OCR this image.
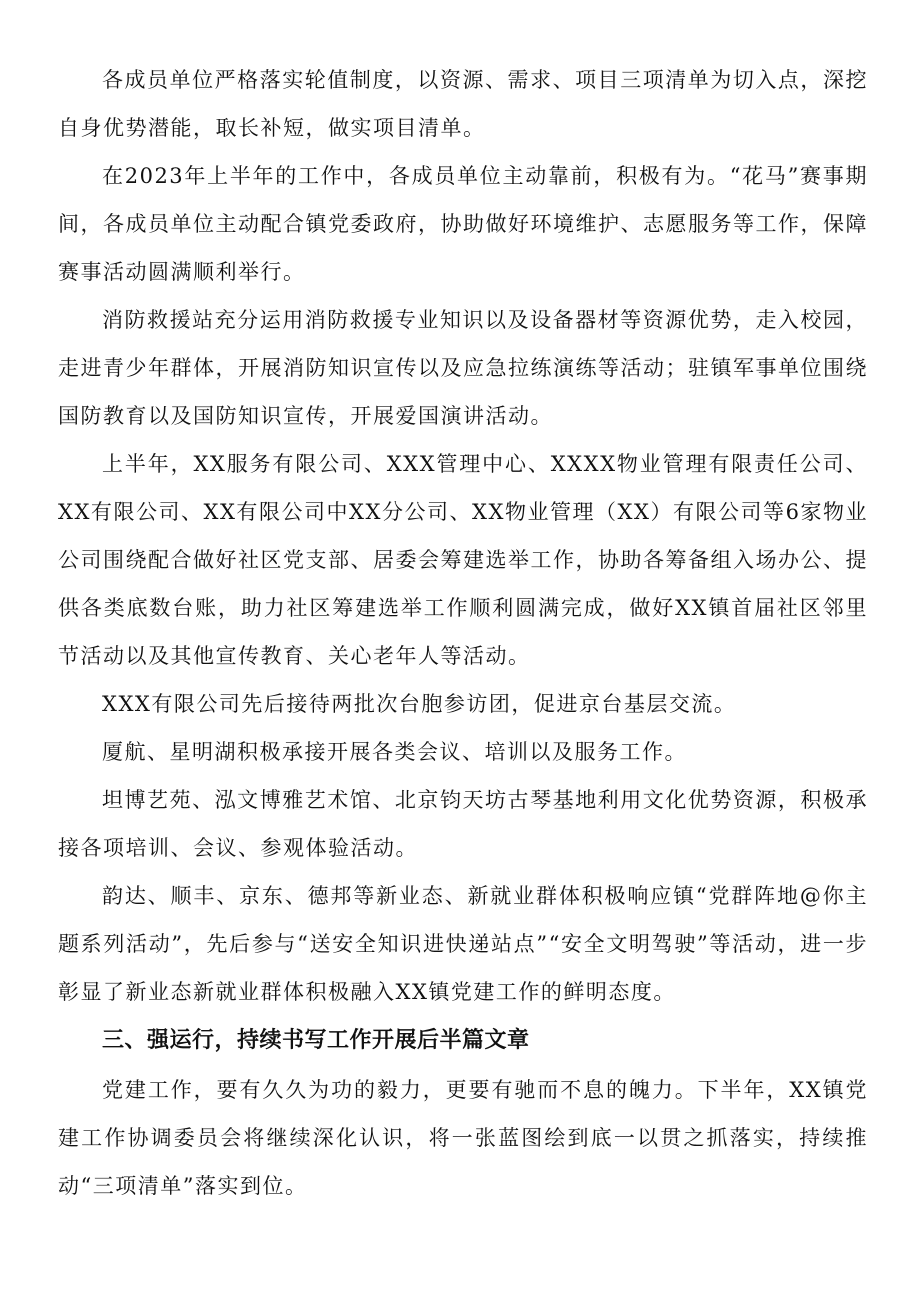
各成员单位严格落实轮值制度，以资源、需求、项目三项清单为切入点，深挖自身优势潜能，取长补短，做实项目清单。

在2023年上半年的工作中，各成员单位主动靠前，积极有为。“花马”赛事期间，各成员单位主动配合镇党委政府，协助做好环境维护、志愿服务等工作，保障赛事活动圆满顺利举行。

消防救援站充分运用消防救援专业知识以及设备器材等资源优势，走入校园，走进青少年群体，开展消防知识宣传以及应急拉练演练等活动；驻镇军事单位围绕国防教育以及国防知识宣传，开展爱国演讲活动。

上半年，XX服务有限公司、XXX管理中心、XXXX物业管理有限责任公司、XX有限公司、XX有限公司中XX分公司、XX物业管理（XX）有限公司等6家物业公司围绕配合做好社区党支部、居委会筹建选举工作，协助各筹备组入场办公、提供各类底数台账，助力社区筹建选举工作顺利圆满完成，做好XX镇首届社区邻里节活动以及其他宣传教育、关心老年人等活动。

XXX有限公司先后接待两批次台胞参访团，促进京台基层交流。

厦航、星明湖积极承接开展各类会议、培训以及服务工作。

坦博艺苑、泓文博雅艺术馆、北京钧天坊古琴基地利用文化优势资源，积极承接各项培训、会议、参观体验活动。

韵达、顺丰、京东、德邦等新业态、新就业群体积极响应镇“党群阵地@你主题系列活动”，先后参与“送安全知识进快递站点”“安全文明驾驶”等活动，进一步彰显了新业态新就业群体积极融入XX镇党建工作的鲜明态度。

三、强运行，持续书写工作开展后半篇文章

党建工作，要有久久为功的毅力，更要有驰而不息的魄力。下半年，XX镇党建工作协调委员会将继续深化认识，将一张蓝图绘到底一以贯之抓落实，持续推动“三项清单”落实到位。
